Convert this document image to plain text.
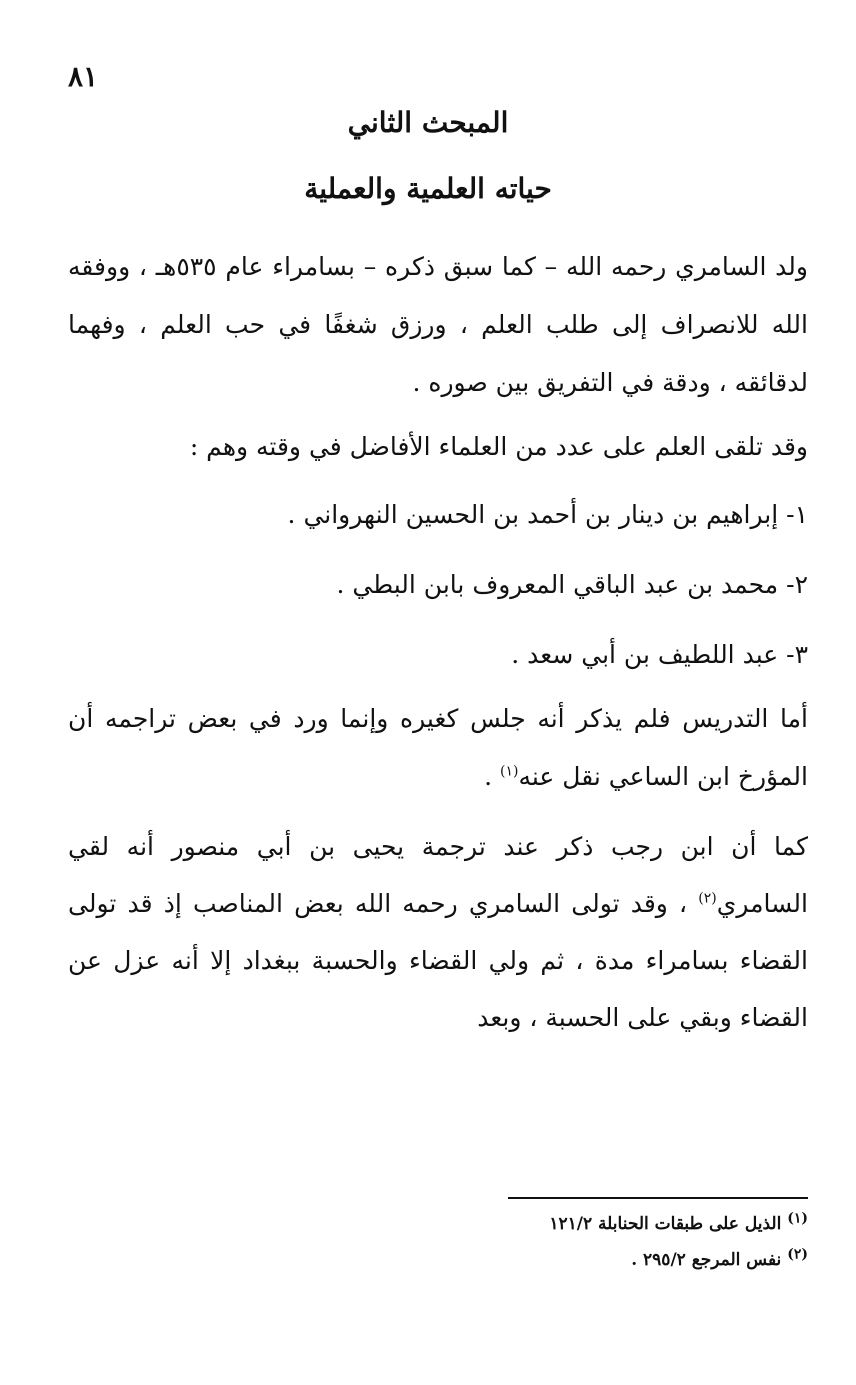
٨١
المبحث الثاني
حياته العلمية والعملية
ولد السامري رحمه الله – كما سبق ذكره – بسامراء عام ٥٣٥هـ ، ووفقه الله للانصراف إلى طلب العلم ، ورزق شغفًا في حب العلم ، وفهما لدقائقه ، ودقة في التفريق بين صوره .
وقد تلقى العلم على عدد من العلماء الأفاضل في وقته وهم :
١- إبراهيم بن دينار بن أحمد بن الحسين النهرواني .
٢- محمد بن عبد الباقي المعروف بابن البطي .
٣- عبد اللطيف بن أبي سعد .
أما التدريس فلم يذكر أنه جلس كغيره وإنما ورد في بعض تراجمه أن المؤرخ ابن الساعي نقل عنه$^{(١)}$ .
كما أن ابن رجب ذكر عند ترجمة يحيى بن أبي منصور أنه لقي السامري$^{(٢)}$ ، وقد تولى السامري رحمه الله بعض المناصب إذ قد تولى القضاء بسامراء مدة ، ثم ولي القضاء والحسبة ببغداد إلا أنه عزل عن القضاء وبقي على الحسبة ، وبعد
$^{(١)}$ الذيل على طبقات الحنابلة ١٢١/٢
$^{(٢)}$ نفس المرجع ٢٩٥/٢ .
